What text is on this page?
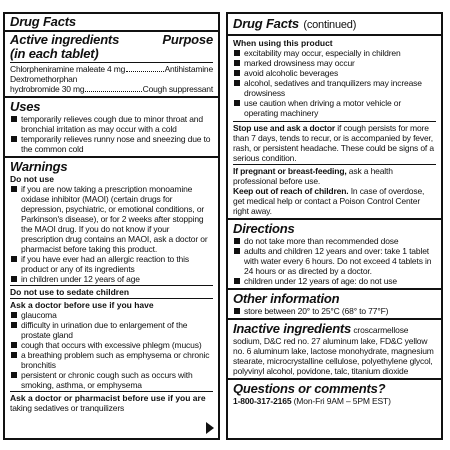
Drug Facts
Active ingredients	Purpose
(in each tablet)
Chlorpheniramine maleate 4 mg	Antihistamine
Dextromethorphan
hydrobromide 30 mg	Cough suppressant
Uses
temporarily relieves cough due to minor throat and bronchial irritation as may occur with a cold
temporarily relieves runny nose and sneezing due to the common cold
Warnings
Do not use
if you are now taking a prescription monoamine oxidase inhibitor (MAOI) (certain drugs for depression, psychiatric, or emotional conditions, or Parkinson's disease), or for 2 weeks after stopping the MAOI drug. If you do not know if your prescription drug contains an MAOI, ask a doctor or pharmacist before taking this product.
if you have ever had an allergic reaction to this product or any of its ingredients
in children under 12 years of age
Do not use to sedate children
Ask a doctor before use if you have
glaucoma
difficulty in urination due to enlargement of the prostate gland
cough that occurs with excessive phlegm (mucus)
a breathing problem such as emphysema or chronic bronchitis
persistent or chronic cough such as occurs with smoking, asthma, or emphysema
Ask a doctor or pharmacist before use if you are
taking sedatives or tranquilizers
Drug Facts (continued)
When using this product
excitability may occur, especially in children
marked drowsiness may occur
avoid alcoholic beverages
alcohol, sedatives and tranquilizers may increase drowsiness
use caution when driving a motor vehicle or operating machinery
Stop use and ask a doctor if cough persists for more than 7 days, tends to recur, or is accompanied by fever, rash, or persistent headache. These could be signs of a serious condition.
If pregnant or breast-feeding, ask a health professional before use.
Keep out of reach of children. In case of overdose, get medical help or contact a Poison Control Center right away.
Directions
do not take more than recommended dose
adults and children 12 years and over: take 1 tablet with water every 6 hours. Do not exceed 4 tablets in 24 hours or as directed by a doctor.
children under 12 years of age: do not use
Other information
store between 20° to 25°C (68° to 77°F)
Inactive ingredients croscarmellose sodium, D&C red no. 27 aluminum lake, FD&C yellow no. 6 aluminum lake, lactose monohydrate, magnesium stearate, microcrystalline cellulose, polyethylene glycol, polyvinyl alcohol, povidone, talc, titanium dioxide
Questions or comments?
1-800-317-2165 (Mon-Fri 9AM – 5PM EST)
